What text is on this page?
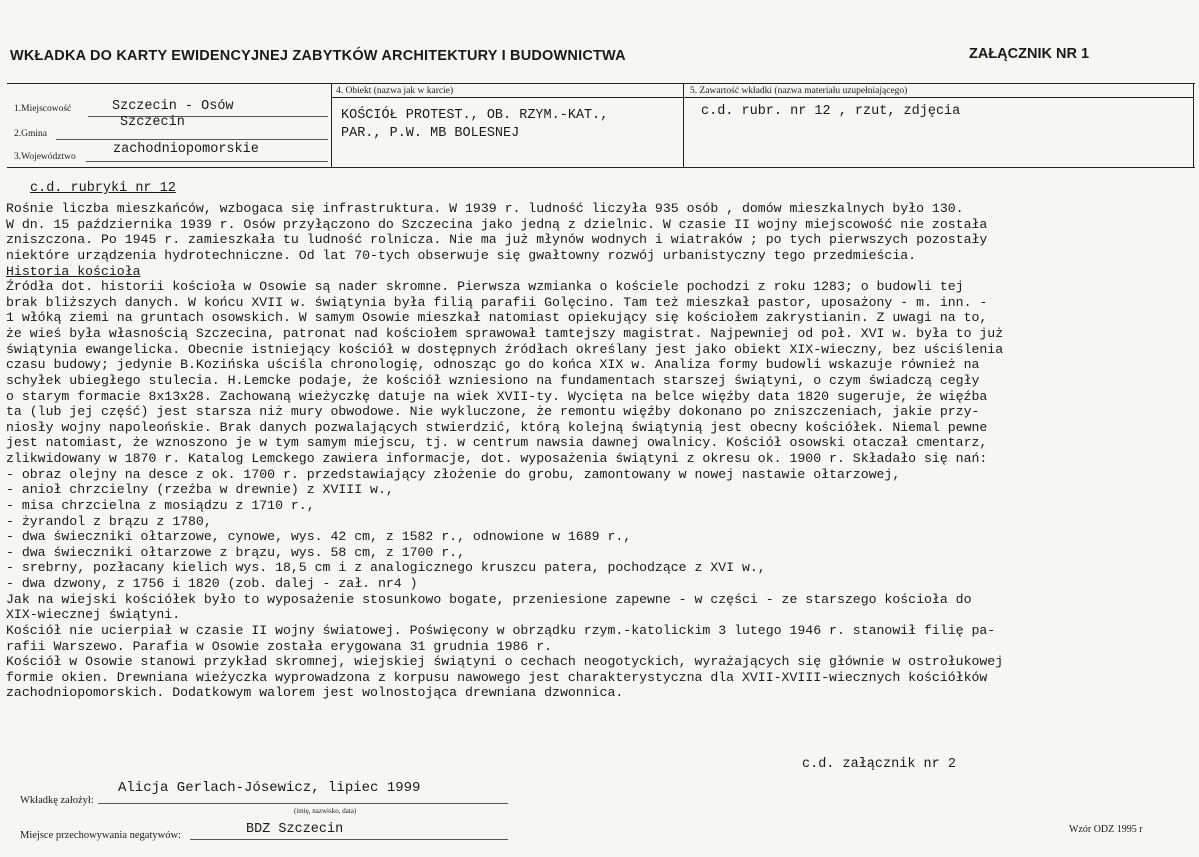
WKŁADKA DO KARTY EWIDENCYJNEJ ZABYTKÓW ARCHITEKTURY I BUDOWNICTWA	ZAŁĄCZNIK NR 1
1.Miejscowość	Szczecin - Osów
2.Gmina
Szczecin
3.Województwo	zachodniopomorskie
4. Obiekt (nazwa jak w karcie)
KOŚCIÓŁ PROTEST., OB. RZYM.-KAT.,
PAR., P.W. MB BOLESNEJ
5. Zawartość wkładki (nazwa materiału uzupełniającego)
c.d. rubr. nr 12 , rzut, zdjęcia
c.d. rubryki nr 12
Rośnie liczba mieszkańców, wzbogaca się infrastruktura. W 1939 r. ludność liczyła 935 osób , domów mieszkalnych było 130.
W dn. 15 października 1939 r. Osów przyłączono do Szczecina jako jedną z dzielnic. W czasie II wojny miejscowość nie została
zniszczona. Po 1945 r. zamieszkała tu ludność rolnicza. Nie ma już młynów wodnych i wiatraków ; po tych pierwszych pozostały
niektóre urządzenia hydrotechniczne. Od lat 70-tych obserwuje się gwałtowny rozwój urbanistyczny tego przedmieścia.
Historia kościoła
Źródła dot. historii kościoła w Osowie są nader skromne. Pierwsza wzmianka o kościele pochodzi z roku 1283; o budowli tej
brak bliższych danych. W końcu XVII w. świątynia była filią parafii Golęcino. Tam też mieszkał pastor, uposażony - m. inn. -
1 włóką ziemi na gruntach osowskich. W samym Osowie mieszkał natomiast opiekujący się kościołem zakrystianin. Z uwagi na to,
że wieś była własnością Szczecina, patronat nad kościołem sprawował tamtejszy magistrat. Najpewniej od poł. XVI w. była to już
świątynia ewangelicka. Obecnie istniejący kościół w dostępnych źródłach określany jest jako obiekt XIX-wieczny, bez uściślenia
czasu budowy; jedynie B.Kozińska uściśla chronologię, odnosząc go do końca XIX w. Analiza formy budowli wskazuje również na
schyłek ubiegłego stulecia. H.Lemcke podaje, że kościół wzniesiono na fundamentach starszej świątyni, o czym świadczą cegły
o starym formacie 8x13x28. Zachowaną wieżyczkę datuje na wiek XVII-ty. Wycięta na belce więźby data 1820 sugeruje, że więźba
ta (lub jej część) jest starsza niż mury obwodowe. Nie wykluczone, że remontu więźby dokonano po zniszczeniach, jakie przy-
niosły wojny napoleońskie. Brak danych pozwalających stwierdzić, którą kolejną świątynią jest obecny kościółek. Niemal pewne
jest natomiast, że wznoszono je w tym samym miejscu, tj. w centrum nawsia dawnej owalnicy. Kościół osowski otaczał cmentarz,
zlikwidowany w 1870 r. Katalog Lemckego zawiera informacje, dot. wyposażenia świątyni z okresu ok. 1900 r. Składało się nań:
- obraz olejny na desce z ok. 1700 r. przedstawiający złożenie do grobu, zamontowany w nowej nastawie ołtarzowej,
- anioł chrzcielny (rzeźba w drewnie) z XVIII w.,
- misa chrzcielna z mosiądzu z 1710 r.,
- żyrandol z brązu z 1780,
- dwa świeczniki ołtarzowe, cynowe, wys. 42 cm, z 1582 r., odnowione w 1689 r.,
- dwa świeczniki ołtarzowe z brązu, wys. 58 cm, z 1700 r.,
- srebrny, pozłacany kielich wys. 18,5 cm i z analogicznego kruszcu patera, pochodzące z XVI w.,
- dwa dzwony, z 1756 i 1820 (zob. dalej - zał. nr4 )
Jak na wiejski kościółek było to wyposażenie stosunkowo bogate, przeniesione zapewne - w części - ze starszego kościoła do
XIX-wiecznej świątyni.
Kościół nie ucierpiał w czasie II wojny światowej. Poświęcony w obrządku rzym.-katolickim 3 lutego 1946 r. stanowił filię pa-
rafii Warszewo. Parafia w Osowie została erygowana 31 grudnia 1986 r.
Kościół w Osowie stanowi przykład skromnej, wiejskiej świątyni o cechach neogotyckich, wyrażających się głównie w ostrołukowej
formie okien. Drewniana wieżyczka wyprowadzona z korpusu nawowego jest charakterystyczna dla XVII-XVIII-wiecznych kościółków
zachodniopomorskich. Dodatkowym walorem jest wolnostojąca drewniana dzwonnica.
c.d. załącznik nr 2
Wkładkę założył:
Alicja Gerlach-Jósewicz, lipiec 1999
(imię, nazwisko, data)
Miejsce przechowywania negatywów:	BDZ Szczecin	Wzór ODZ 1995 r
